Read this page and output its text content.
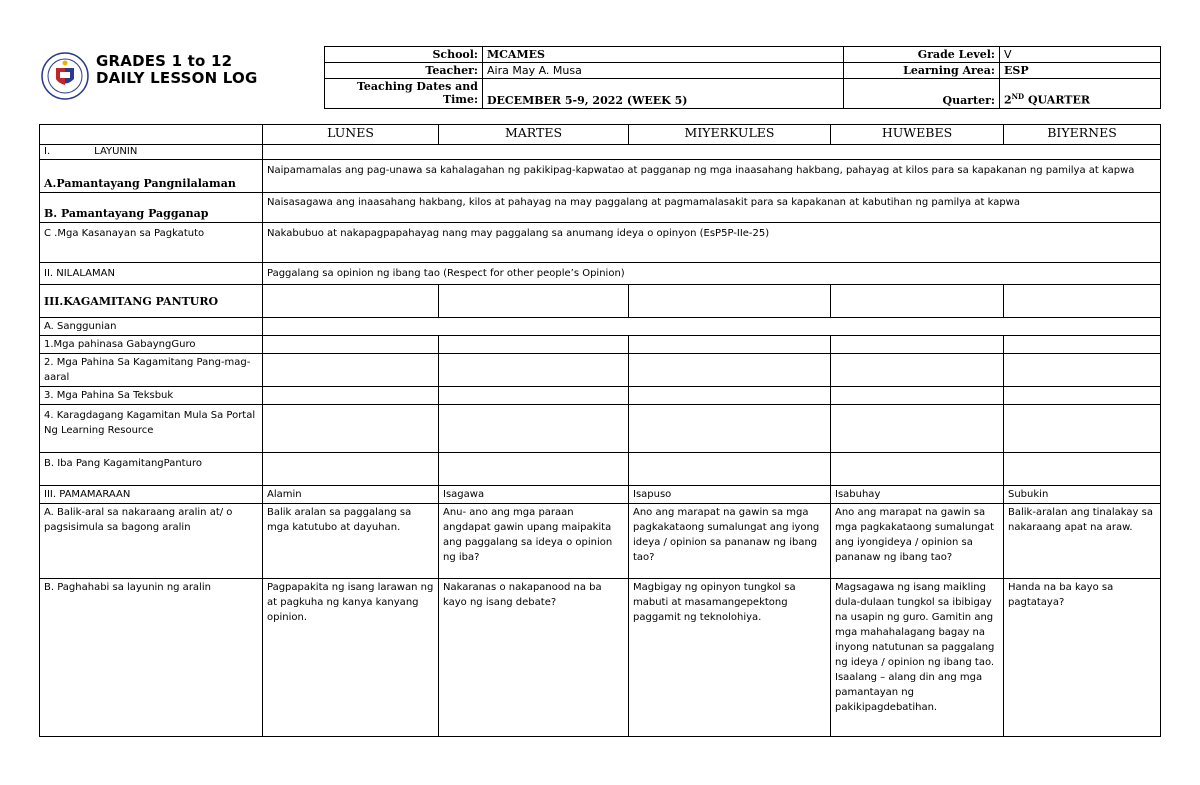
GRADES 1 to 12
DAILY LESSON LOG
School:	MCAMES	Grade Level:	V
Teacher:	Aira May A. Musa	Learning Area:	ESP

Teaching Dates and
Time:	DECEMBER 5-9, 2022 (WEEK 5)	Quarter:	2ND QUARTER
	LUNES	MARTES	MIYERKULES	HUWEBES	BIYERNES
I. LAYUNIN					
A.Pamantayang Pangnilalaman	Naipamamalas ang pag-unawa sa kahalagahan ng pakikipag-kapwatao at pagganap ng mga inaasahang hakbang, pahayag at kilos para sa kapakanan ng pamilya at kapwa				
B. Pamantayang Pagganap	Naisasagawa ang inaasahang hakbang, kilos at pahayag na may paggalang at pagmamalasakit para sa kapakanan at kabutihan ng pamilya at kapwa				
C .Mga Kasanayan sa Pagkatuto	Nakabubuo at nakapagpapahayag nang may paggalang sa anumang ideya o opinyon (EsP5P-IIe-25)				
II. NILALAMAN	Paggalang sa opinion ng ibang tao (Respect for other people’s Opinion)				
III.KAGAMITANG PANTURO					
A. Sanggunian					
1.Mga pahinasa GabayngGuro					
2. Mga Pahina Sa Kagamitang Pang-mag-aaral					
3. Mga Pahina Sa Teksbuk					
4. Karagdagang Kagamitan Mula Sa Portal Ng Learning Resource					
B. Iba Pang KagamitangPanturo					
III. PAMAMARAAN	Alamin	Isagawa	Isapuso	Isabuhay	Subukin
A. Balik-aral sa nakaraang aralin at/ o pagsisimula sa bagong aralin	Balik aralan sa paggalang sa mga katutubo at dayuhan.	Anu- ano ang mga paraan angdapat gawin upang maipakita ang paggalang sa ideya o opinion ng iba?	Ano ang marapat na gawin sa mga pagkakataong sumalungat ang iyong ideya / opinion sa pananaw ng ibang tao?	Ano ang marapat na gawin sa mga pagkakataong sumalungat ang iyongideya / opinion sa pananaw ng ibang tao?	Balik-aralan ang tinalakay sa nakaraang apat na araw.
B. Paghahabi sa layunin ng aralin	Pagpapakita ng isang larawan ng at pagkuha ng kanya kanyang opinion.	Nakaranas o nakapanood na ba kayo ng isang debate?	Magbigay ng opinyon tungkol sa mabuti at masamangepektong paggamit ng teknolohiya.	Magsagawa ng isang maikling dula-dulaan tungkol sa ibibigay na usapin ng guro. Gamitin ang mga mahahalagang bagay na inyong natutunan sa paggalang ng ideya / opinion ng ibang tao. Isaalang – alang din ang mga pamantayan ng pakikipagdebatihan.	Handa na ba kayo sa pagtataya?
